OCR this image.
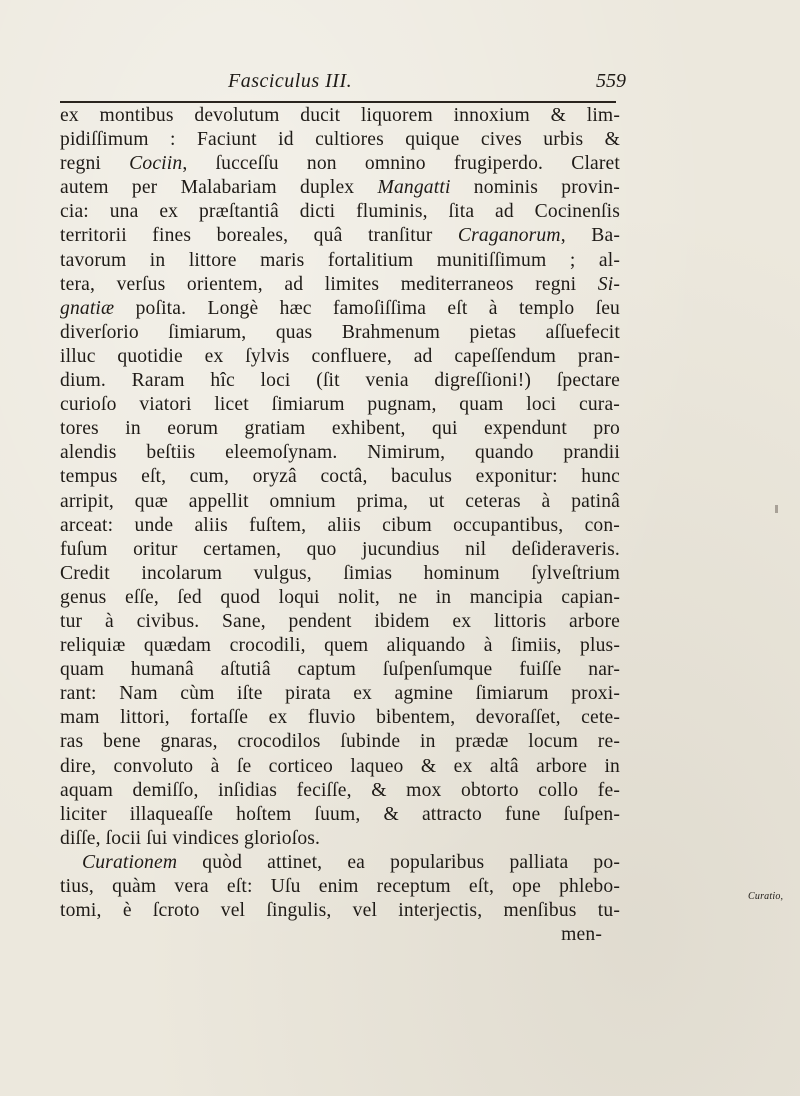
Fasciculus III.	559
ex montibus devolutum ducit liquorem innoxium & lim-
pidiſſimum : Faciunt id cultiores quique cives urbis &
regni Cociin, ſucceſſu non omnino frugiperdo. Claret
autem per Malabariam duplex Mangatti nominis provin-
cia: una ex præſtantiâ dicti fluminis, ſita ad Cocinenſis
territorii fines boreales, quâ tranſitur Craganorum, Ba-
tavorum in littore maris fortalitium munitiſſimum ; al-
tera, verſus orientem, ad limites mediterraneos regni Si-
gnatiæ poſita. Longè hæc famoſiſſima eſt à templo ſeu
diverſorio ſimiarum, quas Brahmenum pietas aſſuefecit
illuc quotidie ex ſylvis confluere, ad capeſſendum pran-
dium. Raram hîc loci (ſit venia digreſſioni!) ſpectare
curioſo viatori licet ſimiarum pugnam, quam loci cura-
tores in eorum gratiam exhibent, qui expendunt pro
alendis beſtiis eleemoſynam. Nimirum, quando prandii
tempus eſt, cum, oryzâ coctâ, baculus exponitur: hunc
arripit, quæ appellit omnium prima, ut ceteras à patinâ
arceat: unde aliis fuſtem, aliis cibum occupantibus, con-
fuſum oritur certamen, quo jucundius nil deſideraveris.
Credit incolarum vulgus, ſimias hominum ſylveſtrium
genus eſſe, ſed quod loqui nolit, ne in mancipia capian-
tur à civibus. Sane, pendent ibidem ex littoris arbore
reliquiæ quædam crocodili, quem aliquando à ſimiis, plus-
quam humanâ aſtutiâ captum ſuſpenſumque fuiſſe nar-
rant: Nam cùm iſte pirata ex agmine ſimiarum proxi-
mam littori, fortaſſe ex fluvio bibentem, devoraſſet, cete-
ras bene gnaras, crocodilos ſubinde in prædæ locum re-
dire, convoluto à ſe corticeo laqueo & ex altâ arbore in
aquam demiſſo, inſidias feciſſe, & mox obtorto collo fe-
liciter illaqueaſſe hoſtem ſuum, & attracto fune ſuſpen-
diſſe, ſocii ſui vindices glorioſos.
Curationem quòd attinet, ea popularibus palliata po-
tius, quàm vera eſt: Uſu enim receptum eſt, ope phlebo-
tomi, è ſcroto vel ſingulis, vel interjectis, menſibus tu-
men-
Curatio,
